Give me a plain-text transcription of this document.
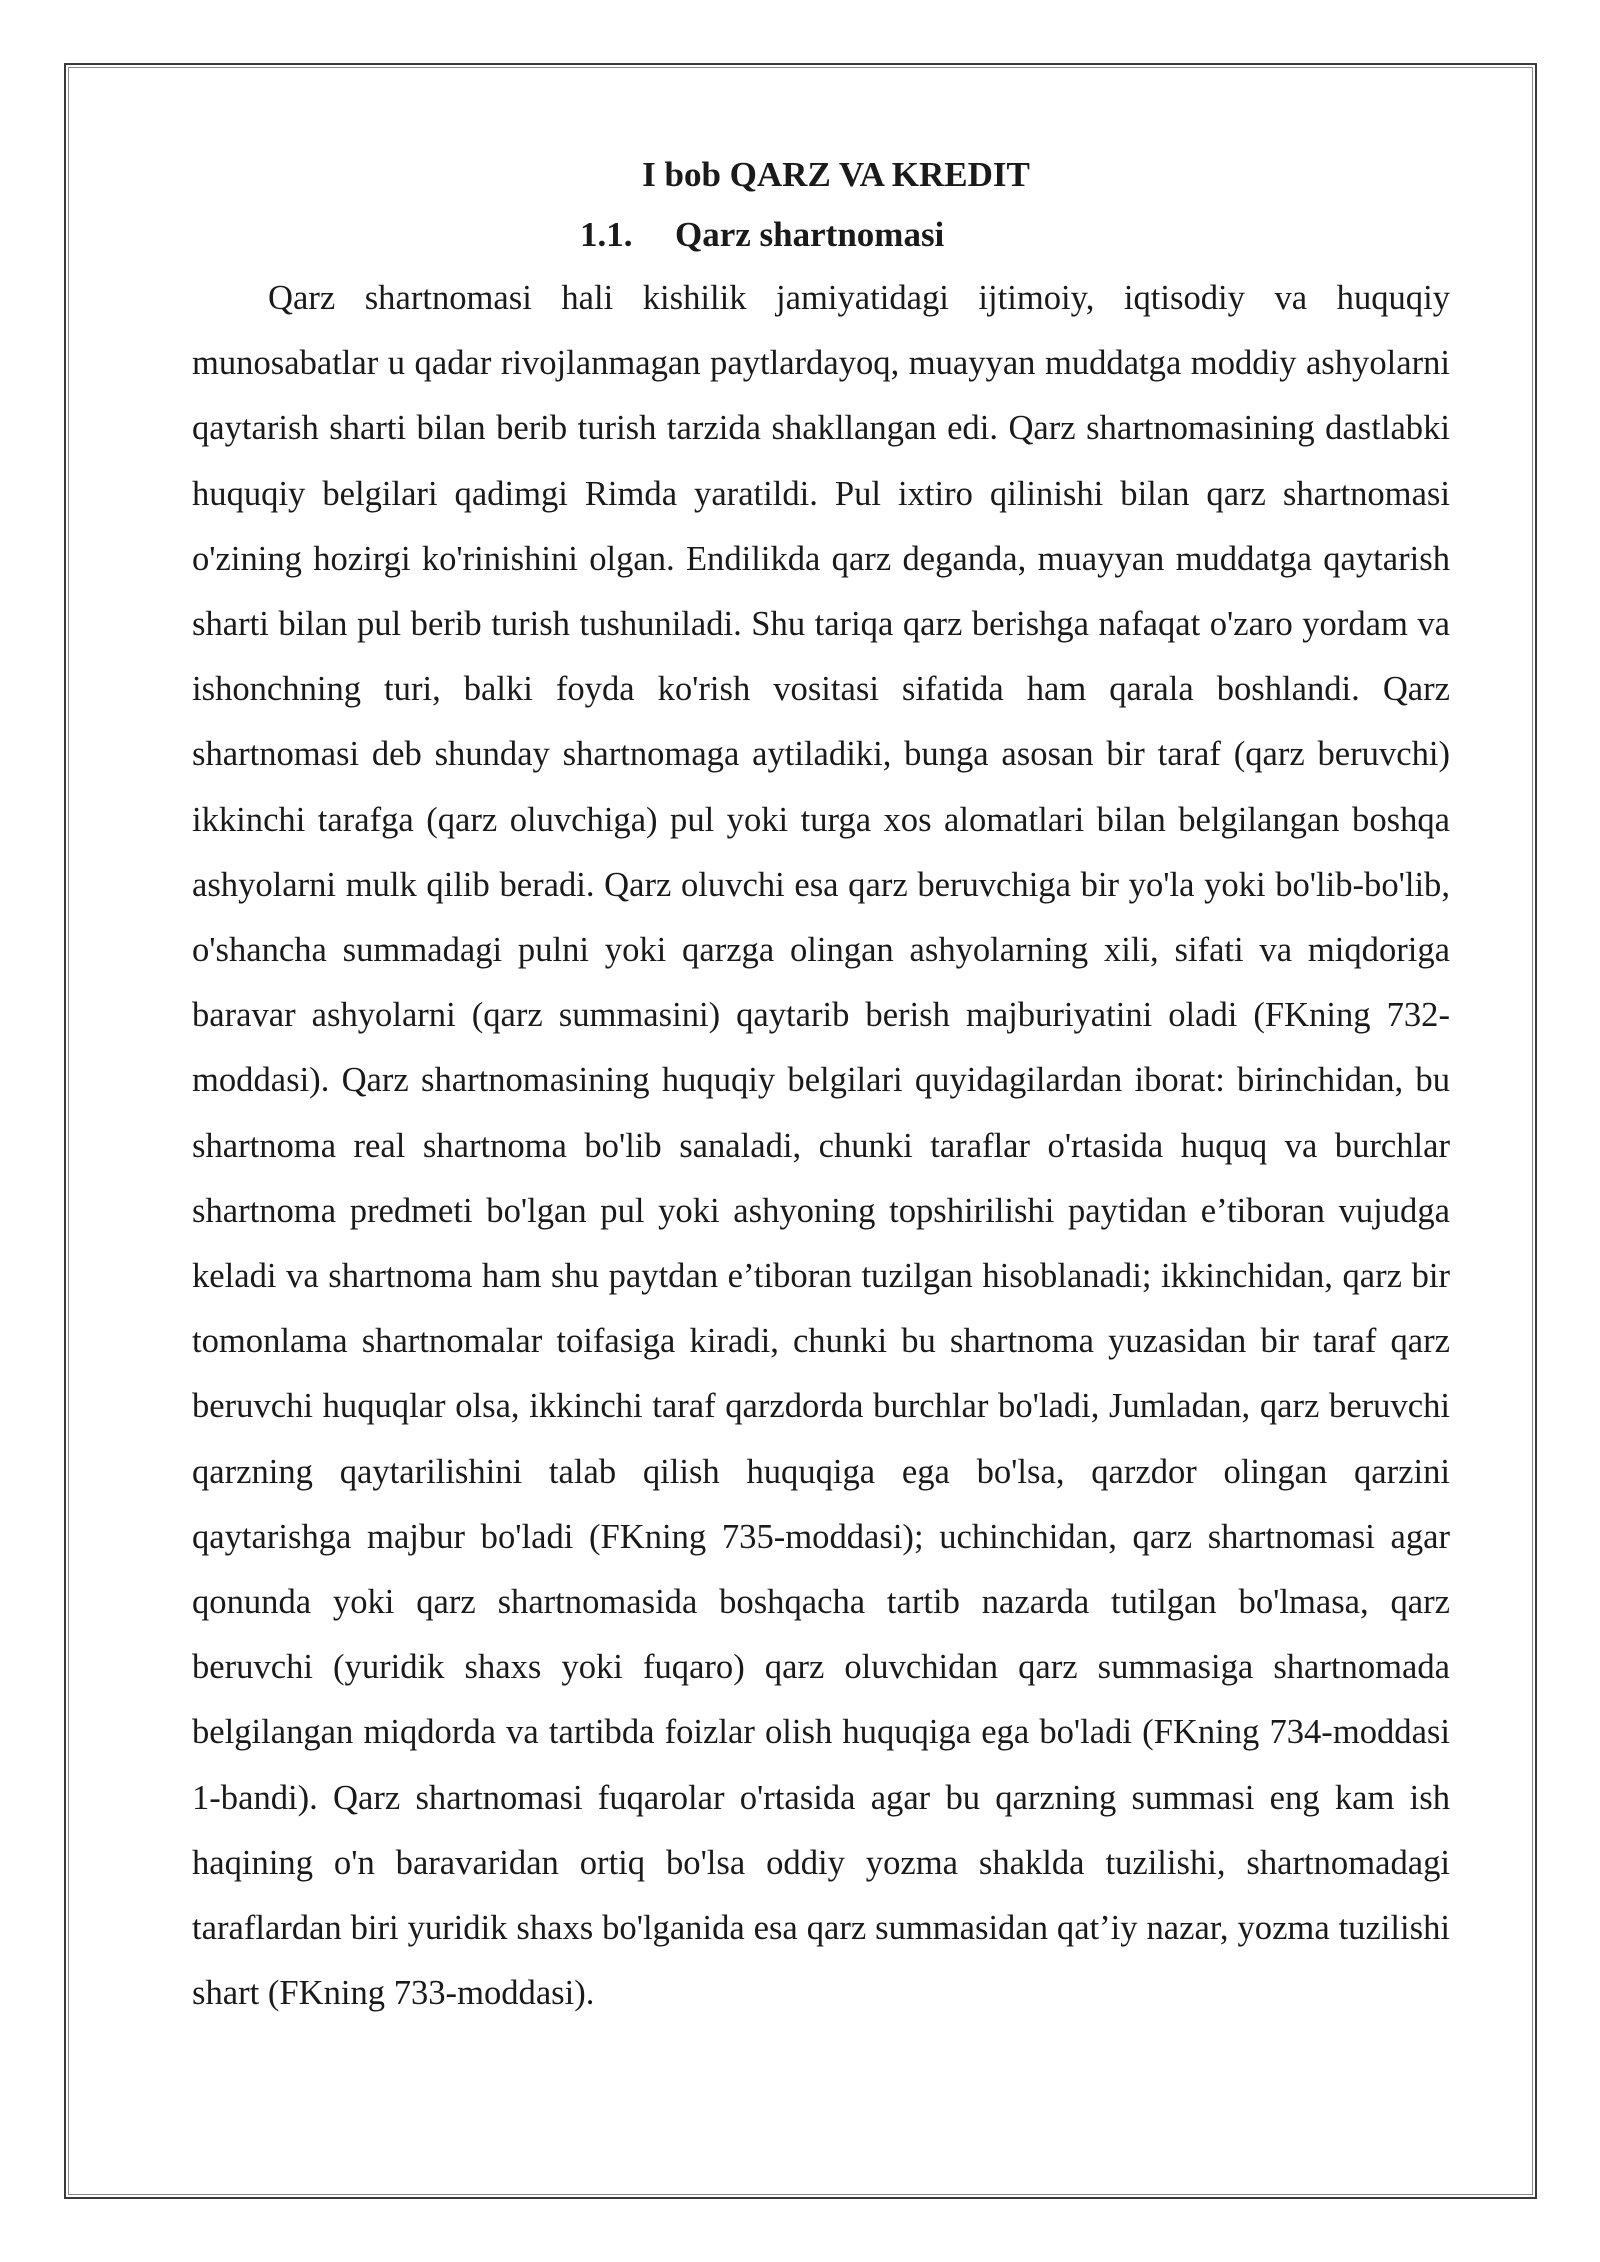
I bob QARZ VA KREDIT
1.1. Qarz shartnomasi

Qarz shartnomasi hali kishilik jamiyatidagi ijtimoiy, iqtisodiy va huquqiy munosabatlar u qadar rivojlanmagan paytlardayoq, muayyan muddatga moddiy ashyolarni qaytarish sharti bilan berib turish tarzida shakllangan edi. Qarz shartnomasining dastlabki huquqiy belgilari qadimgi Rimda yaratildi. Pul ixtiro qilinishi bilan qarz shartnomasi o'zining hozirgi ko'rinishini olgan. Endilikda qarz deganda, muayyan muddatga qaytarish sharti bilan pul berib turish tushuniladi. Shu tariqa qarz berishga nafaqat o'zaro yordam va ishonchning turi, balki foyda ko'rish vositasi sifatida ham qarala boshlandi. Qarz shartnomasi deb shunday shartnomaga aytiladiki, bunga asosan bir taraf (qarz beruvchi) ikkinchi tarafga (qarz oluvchiga) pul yoki turga xos alomatlari bilan belgilangan boshqa ashyolarni mulk qilib beradi. Qarz oluvchi esa qarz beruvchiga bir yo'la yoki bo'lib-bo'lib, o'shancha summadagi pulni yoki qarzga olingan ashyolarning xili, sifati va miqdoriga baravar ashyolarni (qarz summasini) qaytarib berish majburiyatini oladi (FKning 732-moddasi). Qarz shartnomasining huquqiy belgilari quyidagilardan iborat: birinchidan, bu shartnoma real shartnoma bo'lib sanaladi, chunki taraflar o'rtasida huquq va burchlar shartnoma predmeti bo'lgan pul yoki ashyoning topshirilishi paytidan e’tiboran vujudga keladi va shartnoma ham shu paytdan e’tiboran tuzilgan hisoblanadi; ikkinchidan, qarz bir tomonlama shartnomalar toifasiga kiradi, chunki bu shartnoma yuzasidan bir taraf qarz beruvchi huquqlar olsa, ikkinchi taraf qarzdorda burchlar bo'ladi, Jumladan, qarz beruvchi qarzning qaytarilishini talab qilish huquqiga ega bo'lsa, qarzdor olingan qarzini qaytarishga majbur bo'ladi (FKning 735-moddasi); uchinchidan, qarz shartnomasi agar qonunda yoki qarz shartnomasida boshqacha tartib nazarda tutilgan bo'lmasa, qarz beruvchi (yuridik shaxs yoki fuqaro) qarz oluvchidan qarz summasiga shartnomada belgilangan miqdorda va tartibda foizlar olish huquqiga ega bo'ladi (FKning 734-moddasi 1-bandi). Qarz shartnomasi fuqarolar o'rtasida agar bu qarzning summasi eng kam ish haqining o'n baravaridan ortiq bo'lsa oddiy yozma shaklda tuzilishi, shartnomadagi taraflardan biri yuridik shaxs bo'lganida esa qarz summasidan qat’iy nazar, yozma tuzilishi shart (FKning 733-moddasi).
